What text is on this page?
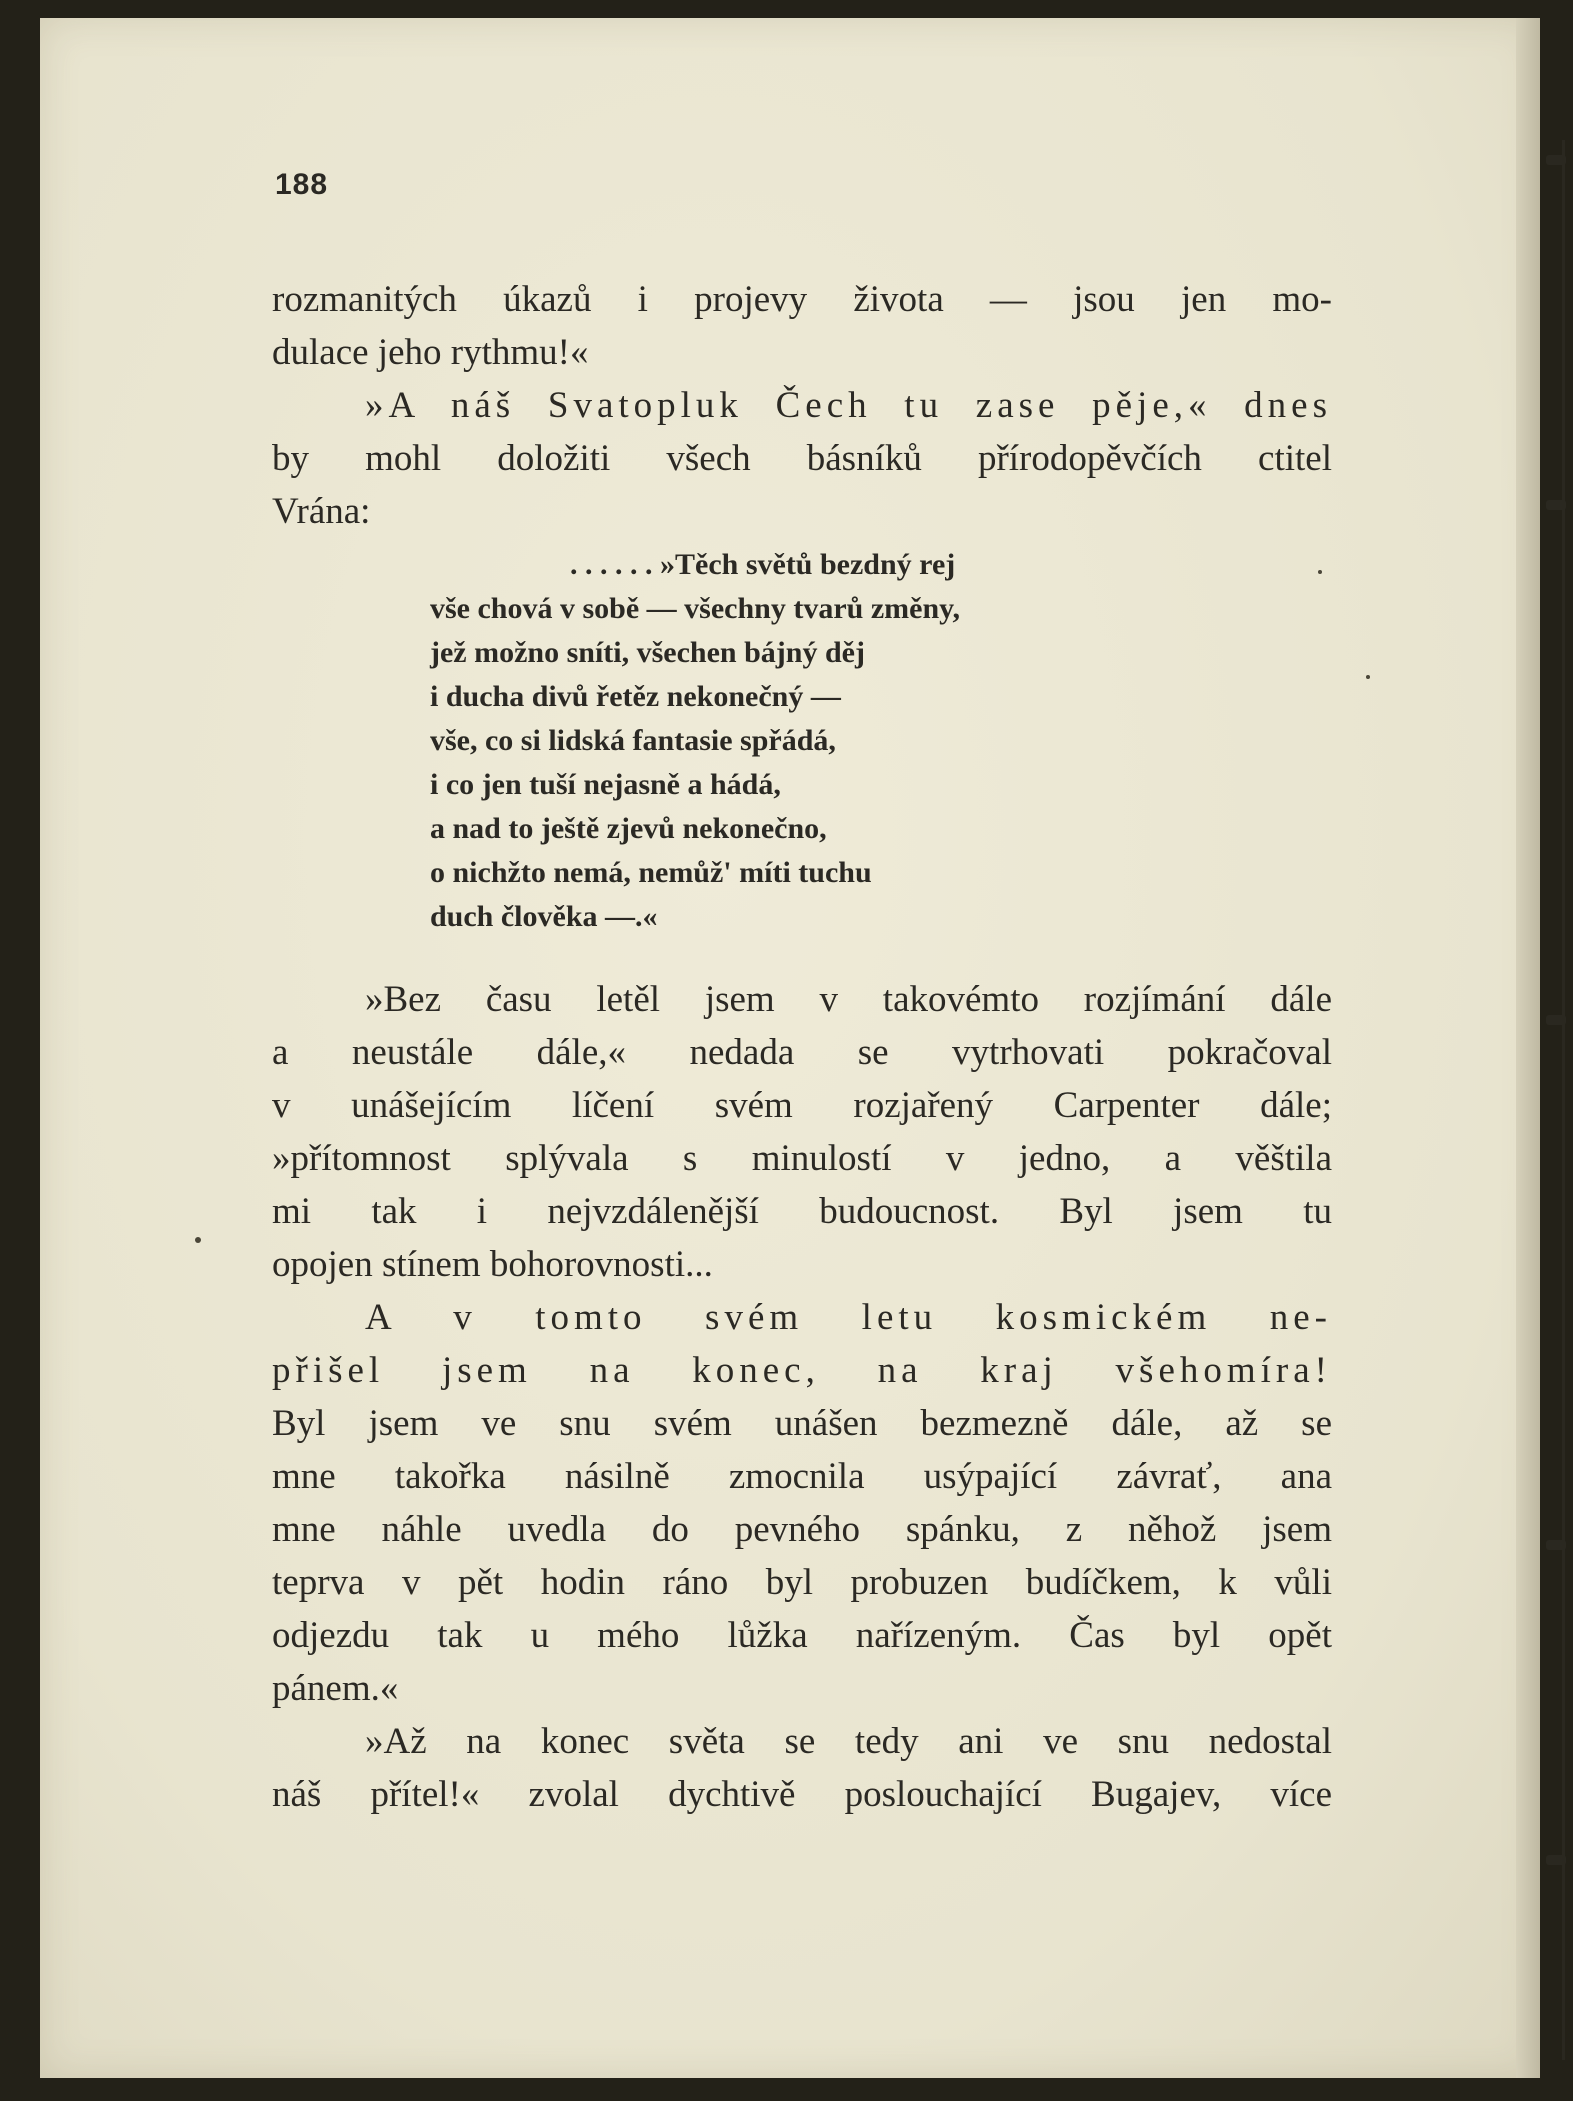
188
rozmanitých úkazů i projevy života — jsou jen mo-
dulace jeho rythmu!«
»A náš Svatopluk Čech tu zase pěje,« dnes
by mohl doložiti všech básníků přírodopěvčích ctitel
Vrána:
. . . . . . »Těch světů bezdný rej
vše chová v sobě — všechny tvarů změny,
jež možno sníti, všechen bájný děj
i ducha divů řetěz nekonečný —
vše, co si lidská fantasie spřádá,
i co jen tuší nejasně a hádá,
a nad to ještě zjevů nekonečno,
o nichžto nemá, nemůž' míti tuchu
duch člověka —.«
»Bez času letěl jsem v takovémto rozjímání dále
a neustále dále,« nedada se vytrhovati pokračoval
v unášejícím líčení svém rozjařený Carpenter dále;
»přítomnost splývala s minulostí v jedno, a věštila
mi tak i nejvzdálenější budoucnost. Byl jsem tu
opojen stínem bohorovnosti...
A v tomto svém letu kosmickém ne-
přišel jsem na konec, na kraj všehomíra!
Byl jsem ve snu svém unášen bezmezně dále, až se
mne takořka násilně zmocnila usýpající závrať, ana
mne náhle uvedla do pevného spánku, z něhož jsem
teprva v pět hodin ráno byl probuzen budíčkem, k vůli
odjezdu tak u mého lůžka nařízeným. Čas byl opět
pánem.«
»Až na konec světa se tedy ani ve snu nedostal
náš přítel!« zvolal dychtivě poslouchající Bugajev, více
